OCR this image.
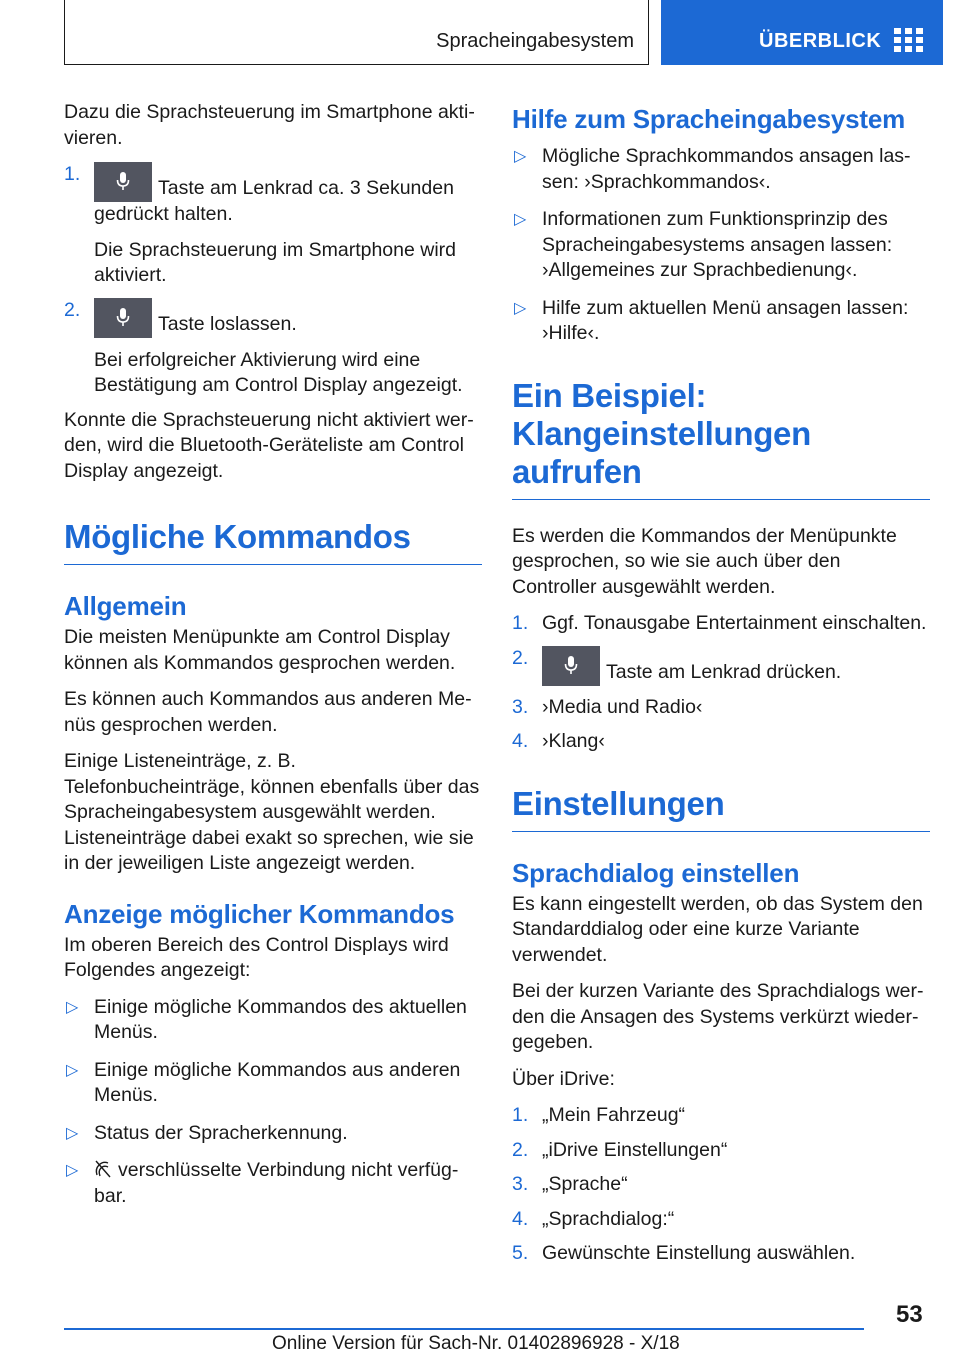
Spracheingabesystem	ÜBERBLICK

Dazu die Sprachsteuerung im Smartphone aktivieren.

1.

Taste am Lenkrad ca. 3 Sekunden gedrückt halten.

Die Sprachsteuerung im Smartphone wird aktiviert.

2.

Taste loslassen.

Bei erfolgreicher Aktivierung wird eine Bestätigung am Control Display angezeigt.

Konnte die Sprachsteuerung nicht aktiviert werden, wird die Bluetooth-Geräteliste am Control Display angezeigt.

Mögliche Kommandos
Allgemein

Die meisten Menüpunkte am Control Display können als Kommandos gesprochen werden.

Es können auch Kommandos aus anderen Menüs gesprochen werden.

Einige Listeneinträge, z. B. Telefonbucheinträge, können ebenfalls über das Spracheingabesystem ausgewählt werden. Listeneinträge dabei exakt so sprechen, wie sie in der jeweiligen Liste angezeigt werden.

Anzeige möglicher Kommandos

Im oberen Bereich des Control Displays wird Folgendes angezeigt:

▷ Einige mögliche Kommandos des aktuellen Menüs.
▷ Einige mögliche Kommandos aus anderen Menüs.
▷ Status der Spracherkennung.
▷	verschlüsselte Verbindung nicht verfügbar.
Hilfe zum Spracheingabesystem
▷ Mögliche Sprachkommandos ansagen lassen: ›Sprachkommandos‹.
▷ Informationen zum Funktionsprinzip des Spracheingabesystems ansagen lassen: ›Allgemeines zur Sprachbedienung‹.
▷ Hilfe zum aktuellen Menü ansagen lassen: ›Hilfe‹.
Ein Beispiel: Klangeinstellungen aufrufen

Es werden die Kommandos der Menüpunkte gesprochen, so wie sie auch über den Controller ausgewählt werden.

1. Ggf. Tonausgabe Entertainment einschalten.
2.
Taste am Lenkrad drücken.
3. ›Media und Radio‹
4. ›Klang‹
Einstellungen
Sprachdialog einstellen

Es kann eingestellt werden, ob das System den Standarddialog oder eine kurze Variante verwendet.

Bei der kurzen Variante des Sprachdialogs werden die Ansagen des Systems verkürzt wiedergegeben.

Über iDrive:

1. „Mein Fahrzeug“
2. „iDrive Einstellungen“
3. „Sprache“
4. „Sprachdialog:“
5. Gewünschte Einstellung auswählen.
53
Online Version für Sach-Nr. 01402896928 - X/18
